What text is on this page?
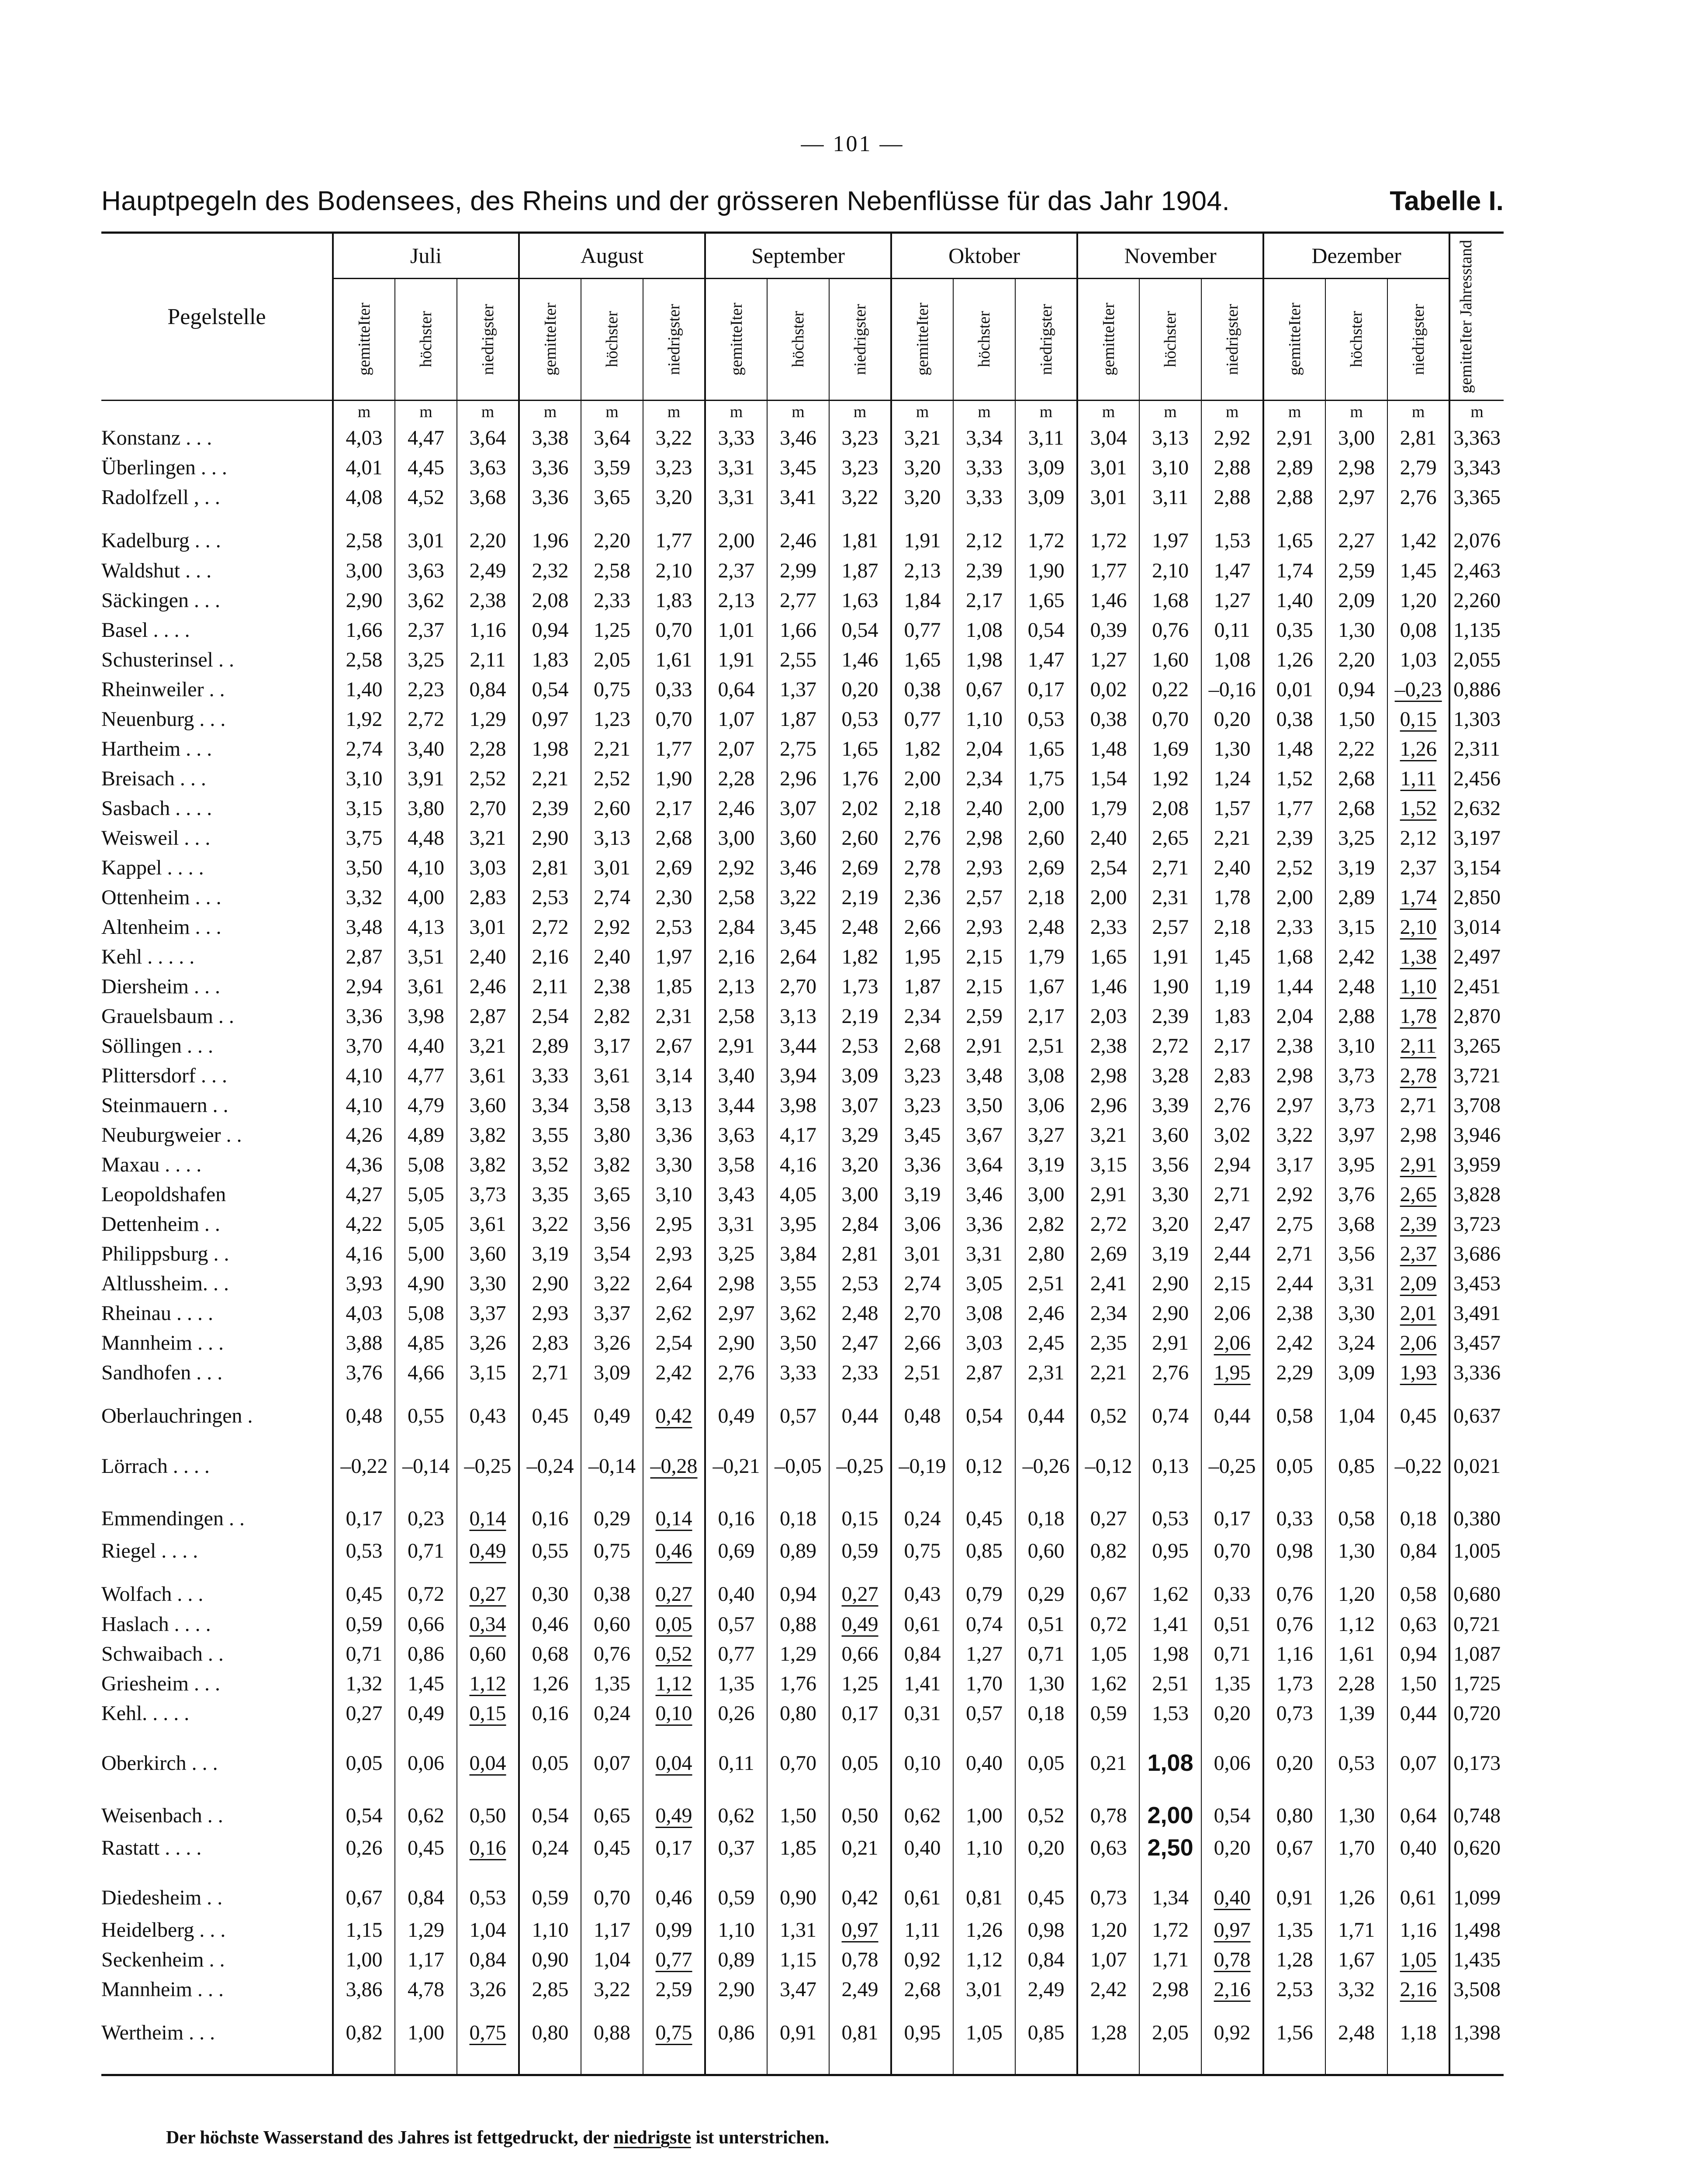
— 101 —
Hauptpegeln des Bodensees, des Rheins und der grösseren Nebenflüsse für das Jahr 1904.	Tabelle I.
Pegelstelle	Juli			August			September			Oktober			November			Dezember			gemitteIter Jahresstand

	gemitteIter	höchster	niedrigster	gemitteIter	höchster	niedrigster	gemitteIter	höchster	niedrigster	gemitteIter	höchster	niedrigster	gemitteIter	höchster	niedrigster	gemitteIter	höchster	niedrigster	

	m	m	m	m	m	m	m	m	m	m	m	m	m	m	m	m	m	m	m
Konstanz . . .	4,03	4,47	3,64	3,38	3,64	3,22	3,33	3,46	3,23	3,21	3,34	3,11	3,04	3,13	2,92	2,91	3,00	2,81	3,363
Überlingen . . .	4,01	4,45	3,63	3,36	3,59	3,23	3,31	3,45	3,23	3,20	3,33	3,09	3,01	3,10	2,88	2,89	2,98	2,79	3,343
Radolfzell , . .	4,08	4,52	3,68	3,36	3,65	3,20	3,31	3,41	3,22	3,20	3,33	3,09	3,01	3,11	2,88	2,88	2,97	2,76	3,365
Kadelburg . . .	2,58	3,01	2,20	1,96	2,20	1,77	2,00	2,46	1,81	1,91	2,12	1,72	1,72	1,97	1,53	1,65	2,27	1,42	2,076
Waldshut . . .	3,00	3,63	2,49	2,32	2,58	2,10	2,37	2,99	1,87	2,13	2,39	1,90	1,77	2,10	1,47	1,74	2,59	1,45	2,463
Säckingen . . .	2,90	3,62	2,38	2,08	2,33	1,83	2,13	2,77	1,63	1,84	2,17	1,65	1,46	1,68	1,27	1,40	2,09	1,20	2,260
Basel . . . .	1,66	2,37	1,16	0,94	1,25	0,70	1,01	1,66	0,54	0,77	1,08	0,54	0,39	0,76	0,11	0,35	1,30	0,08	1,135
Schusterinsel . .	2,58	3,25	2,11	1,83	2,05	1,61	1,91	2,55	1,46	1,65	1,98	1,47	1,27	1,60	1,08	1,26	2,20	1,03	2,055
Rheinweiler . .	1,40	2,23	0,84	0,54	0,75	0,33	0,64	1,37	0,20	0,38	0,67	0,17	0,02	0,22	–0,16	0,01	0,94	–0,23	0,886
Neuenburg . . .	1,92	2,72	1,29	0,97	1,23	0,70	1,07	1,87	0,53	0,77	1,10	0,53	0,38	0,70	0,20	0,38	1,50	0,15	1,303
Hartheim . . .	2,74	3,40	2,28	1,98	2,21	1,77	2,07	2,75	1,65	1,82	2,04	1,65	1,48	1,69	1,30	1,48	2,22	1,26	2,311
Breisach . . .	3,10	3,91	2,52	2,21	2,52	1,90	2,28	2,96	1,76	2,00	2,34	1,75	1,54	1,92	1,24	1,52	2,68	1,11	2,456
Sasbach . . . .	3,15	3,80	2,70	2,39	2,60	2,17	2,46	3,07	2,02	2,18	2,40	2,00	1,79	2,08	1,57	1,77	2,68	1,52	2,632
Weisweil . . .	3,75	4,48	3,21	2,90	3,13	2,68	3,00	3,60	2,60	2,76	2,98	2,60	2,40	2,65	2,21	2,39	3,25	2,12	3,197
Kappel . . . .	3,50	4,10	3,03	2,81	3,01	2,69	2,92	3,46	2,69	2,78	2,93	2,69	2,54	2,71	2,40	2,52	3,19	2,37	3,154
Ottenheim . . .	3,32	4,00	2,83	2,53	2,74	2,30	2,58	3,22	2,19	2,36	2,57	2,18	2,00	2,31	1,78	2,00	2,89	1,74	2,850
Altenheim . . .	3,48	4,13	3,01	2,72	2,92	2,53	2,84	3,45	2,48	2,66	2,93	2,48	2,33	2,57	2,18	2,33	3,15	2,10	3,014
Kehl . . . . .	2,87	3,51	2,40	2,16	2,40	1,97	2,16	2,64	1,82	1,95	2,15	1,79	1,65	1,91	1,45	1,68	2,42	1,38	2,497
Diersheim . . .	2,94	3,61	2,46	2,11	2,38	1,85	2,13	2,70	1,73	1,87	2,15	1,67	1,46	1,90	1,19	1,44	2,48	1,10	2,451
Grauelsbaum . .	3,36	3,98	2,87	2,54	2,82	2,31	2,58	3,13	2,19	2,34	2,59	2,17	2,03	2,39	1,83	2,04	2,88	1,78	2,870
Söllingen . . .	3,70	4,40	3,21	2,89	3,17	2,67	2,91	3,44	2,53	2,68	2,91	2,51	2,38	2,72	2,17	2,38	3,10	2,11	3,265
Plittersdorf . . .	4,10	4,77	3,61	3,33	3,61	3,14	3,40	3,94	3,09	3,23	3,48	3,08	2,98	3,28	2,83	2,98	3,73	2,78	3,721
Steinmauern . .	4,10	4,79	3,60	3,34	3,58	3,13	3,44	3,98	3,07	3,23	3,50	3,06	2,96	3,39	2,76	2,97	3,73	2,71	3,708
Neuburgweier . .	4,26	4,89	3,82	3,55	3,80	3,36	3,63	4,17	3,29	3,45	3,67	3,27	3,21	3,60	3,02	3,22	3,97	2,98	3,946
Maxau . . . .	4,36	5,08	3,82	3,52	3,82	3,30	3,58	4,16	3,20	3,36	3,64	3,19	3,15	3,56	2,94	3,17	3,95	2,91	3,959
Leopoldshafen	4,27	5,05	3,73	3,35	3,65	3,10	3,43	4,05	3,00	3,19	3,46	3,00	2,91	3,30	2,71	2,92	3,76	2,65	3,828
Dettenheim . .	4,22	5,05	3,61	3,22	3,56	2,95	3,31	3,95	2,84	3,06	3,36	2,82	2,72	3,20	2,47	2,75	3,68	2,39	3,723
Philippsburg . .	4,16	5,00	3,60	3,19	3,54	2,93	3,25	3,84	2,81	3,01	3,31	2,80	2,69	3,19	2,44	2,71	3,56	2,37	3,686
Altlussheim. . .	3,93	4,90	3,30	2,90	3,22	2,64	2,98	3,55	2,53	2,74	3,05	2,51	2,41	2,90	2,15	2,44	3,31	2,09	3,453
Rheinau . . . .	4,03	5,08	3,37	2,93	3,37	2,62	2,97	3,62	2,48	2,70	3,08	2,46	2,34	2,90	2,06	2,38	3,30	2,01	3,491
Mannheim . . .	3,88	4,85	3,26	2,83	3,26	2,54	2,90	3,50	2,47	2,66	3,03	2,45	2,35	2,91	2,06	2,42	3,24	2,06	3,457
Sandhofen . . .	3,76	4,66	3,15	2,71	3,09	2,42	2,76	3,33	2,33	2,51	2,87	2,31	2,21	2,76	1,95	2,29	3,09	1,93	3,336
Oberlauchringen .	0,48	0,55	0,43	0,45	0,49	0,42	0,49	0,57	0,44	0,48	0,54	0,44	0,52	0,74	0,44	0,58	1,04	0,45	0,637
Lörrach . . . .	–0,22	–0,14	–0,25	–0,24	–0,14	–0,28	–0,21	–0,05	–0,25	–0,19	0,12	–0,26	–0,12	0,13	–0,25	0,05	0,85	–0,22	0,021
Emmendingen . .	0,17	0,23	0,14	0,16	0,29	0,14	0,16	0,18	0,15	0,24	0,45	0,18	0,27	0,53	0,17	0,33	0,58	0,18	0,380
Riegel . . . .	0,53	0,71	0,49	0,55	0,75	0,46	0,69	0,89	0,59	0,75	0,85	0,60	0,82	0,95	0,70	0,98	1,30	0,84	1,005
Wolfach . . .	0,45	0,72	0,27	0,30	0,38	0,27	0,40	0,94	0,27	0,43	0,79	0,29	0,67	1,62	0,33	0,76	1,20	0,58	0,680
Haslach . . . .	0,59	0,66	0,34	0,46	0,60	0,05	0,57	0,88	0,49	0,61	0,74	0,51	0,72	1,41	0,51	0,76	1,12	0,63	0,721
Schwaibach . .	0,71	0,86	0,60	0,68	0,76	0,52	0,77	1,29	0,66	0,84	1,27	0,71	1,05	1,98	0,71	1,16	1,61	0,94	1,087
Griesheim . . .	1,32	1,45	1,12	1,26	1,35	1,12	1,35	1,76	1,25	1,41	1,70	1,30	1,62	2,51	1,35	1,73	2,28	1,50	1,725
Kehl. . . . .	0,27	0,49	0,15	0,16	0,24	0,10	0,26	0,80	0,17	0,31	0,57	0,18	0,59	1,53	0,20	0,73	1,39	0,44	0,720
Oberkirch . . .	0,05	0,06	0,04	0,05	0,07	0,04	0,11	0,70	0,05	0,10	0,40	0,05	0,21	1,08	0,06	0,20	0,53	0,07	0,173
Weisenbach . .	0,54	0,62	0,50	0,54	0,65	0,49	0,62	1,50	0,50	0,62	1,00	0,52	0,78	2,00	0,54	0,80	1,30	0,64	0,748
Rastatt . . . .	0,26	0,45	0,16	0,24	0,45	0,17	0,37	1,85	0,21	0,40	1,10	0,20	0,63	2,50	0,20	0,67	1,70	0,40	0,620
Diedesheim . .	0,67	0,84	0,53	0,59	0,70	0,46	0,59	0,90	0,42	0,61	0,81	0,45	0,73	1,34	0,40	0,91	1,26	0,61	1,099
Heidelberg . . .	1,15	1,29	1,04	1,10	1,17	0,99	1,10	1,31	0,97	1,11	1,26	0,98	1,20	1,72	0,97	1,35	1,71	1,16	1,498
Seckenheim . .	1,00	1,17	0,84	0,90	1,04	0,77	0,89	1,15	0,78	0,92	1,12	0,84	1,07	1,71	0,78	1,28	1,67	1,05	1,435
Mannheim . . .	3,86	4,78	3,26	2,85	3,22	2,59	2,90	3,47	2,49	2,68	3,01	2,49	2,42	2,98	2,16	2,53	3,32	2,16	3,508
Wertheim . . .	0,82	1,00	0,75	0,80	0,88	0,75	0,86	0,91	0,81	0,95	1,05	0,85	1,28	2,05	0,92	1,56	2,48	1,18	1,398
Der höchste Wasserstand des Jahres ist fettgedruckt, der niedrigste ist unterstrichen.
